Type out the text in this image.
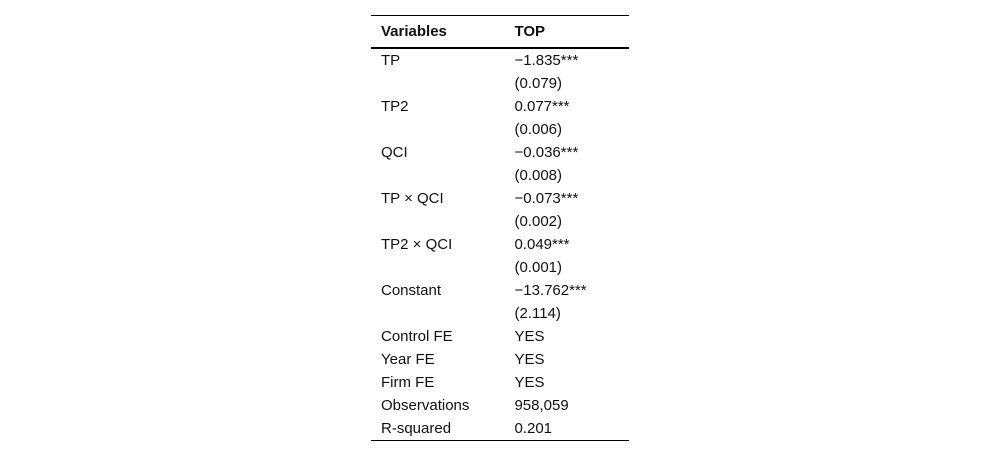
Variables	TOP
TP	−1.835***
	(0.079)
TP2	0.077***
	(0.006)
QCI	−0.036***
	(0.008)
TP × QCI	−0.073***
	(0.002)
TP2 × QCI	0.049***
	(0.001)
Constant	−13.762***
	(2.114)
Control FE	YES
Year FE	YES
Firm FE	YES
Observations	958,059
R-squared	0.201
